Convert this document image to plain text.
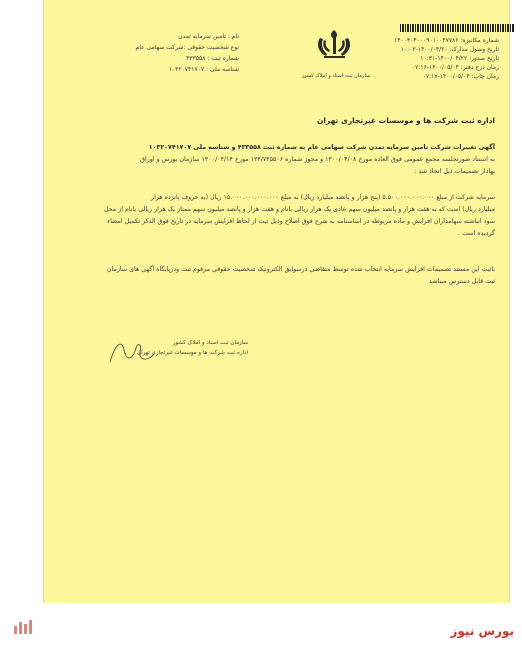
شماره مکانیزه: ۱۴۰۰۳۰۴۰۰۰۹۰۱۰۰۴۷۷۸۶
تاریخ وصول مدارک: ۱۴۰۰/۰۴/۲۰-۱۰:۰۳
تاریخ صدور: ۱۴۰۰/۰۴/۲۲-۱۰:۳۱
زمان درج دفتر: ۱۴۰۰/۰۵/۰۴-۰۷:۱۶
زمان چاپ: ۱۴۰۰/۰۵/۰۴-۰۷:۱۷
سازمان ثبت اسناد و املاک کشور
نام : تامین سرمایه تمدن
نوع شخصیت حقوقی :شرکت سهامی عام
شماره ثبت : ۴۳۳۵۵۸
شناسه ملی : ۱۰۳۲۰۷۴۱۷۰۷
اداره ثبت شرکت ها و موسسات غیرتجاری تهران
آگهی تغییرات شرکت تامین سرمایه تمدن شرکت سهامی عام به شماره ثبت ۴۳۳۵۵۸ و شناسه ملی ۱۰۳۲۰۷۴۱۷۰۷
به استناد صورتجلسه مجمع عمومی فوق العاده مورخ ۱۴۰۰/۰۴/۰۸ و مجوز شماره ۱۲۲/۷۴۵۵۰۶ مورخ ۱۴۰۰/۰۴/۱۴ سازمان بورس و اوراق
بهادار تصمیمات ذیل اتخاذ شد :
سرمایه شرکت از مبلغ ۵.۵۰۰.۰۰۰.۰۰۰.۰۰۰ (پنج هزار و پانصد میلیارد ریال) به مبلغ ۱۵.۰۰۰.۰۰۰.۰۰۰.۰۰۰ ریال (به حروف پانزده هزار
میلیارد ریال) است که به هفت هزار و پانصد میلیون سهم عادی یک هزار ریالی بانام و هفت هزار و پانصد میلیون سهم ممتاز یک هزار ریالی بانام از محل
سود انباشته سهامداران افزایش و ماده مربوطه در اساسنامه به شرح فوق اصلاح وذیل ثبت از لحاظ افزایش سرمایه در تاریخ فوق الذکر تکمیل امضاء
گردیده است .
باثبت این مستند تصمیمات افزایش سرمایه انتخاب شده توسط متقاضی درسوابق الکترونیک شخصیت حقوقی مرقوم ثبت ودرپایگاه آگهی های سازمان
ثبت قابل دسترس میباشد
سازمان ثبت اسناد و املاک کشور
اداره ثبت شرکت ها و موسسات غیرتجاری تهران
بورس نیوز
